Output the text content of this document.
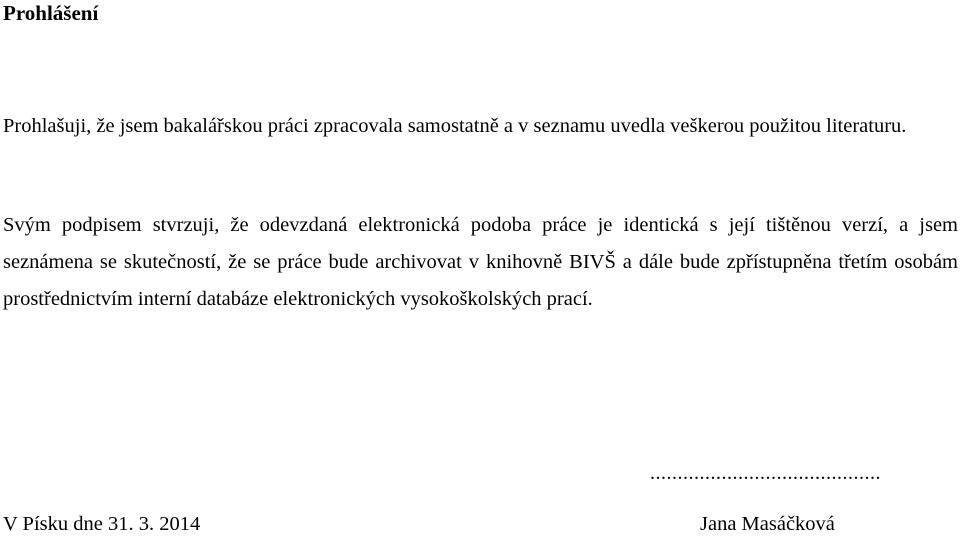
Prohlášení

Prohlašuji, že jsem bakalářskou práci zpracovala samostatně a v seznamu uvedla veškerou použitou literaturu.

Svým podpisem stvrzuji, že odevzdaná elektronická podoba práce je identická s její tištěnou verzí, a jsem seznámena se skutečností, že se práce bude archivovat v knihovně BIVŠ a dále bude zpřístupněna třetím osobám prostřednictvím interní databáze elektronických vysokoškolských prací.

..........................................
V Písku dne 31. 3. 2014	Jana Masáčková
